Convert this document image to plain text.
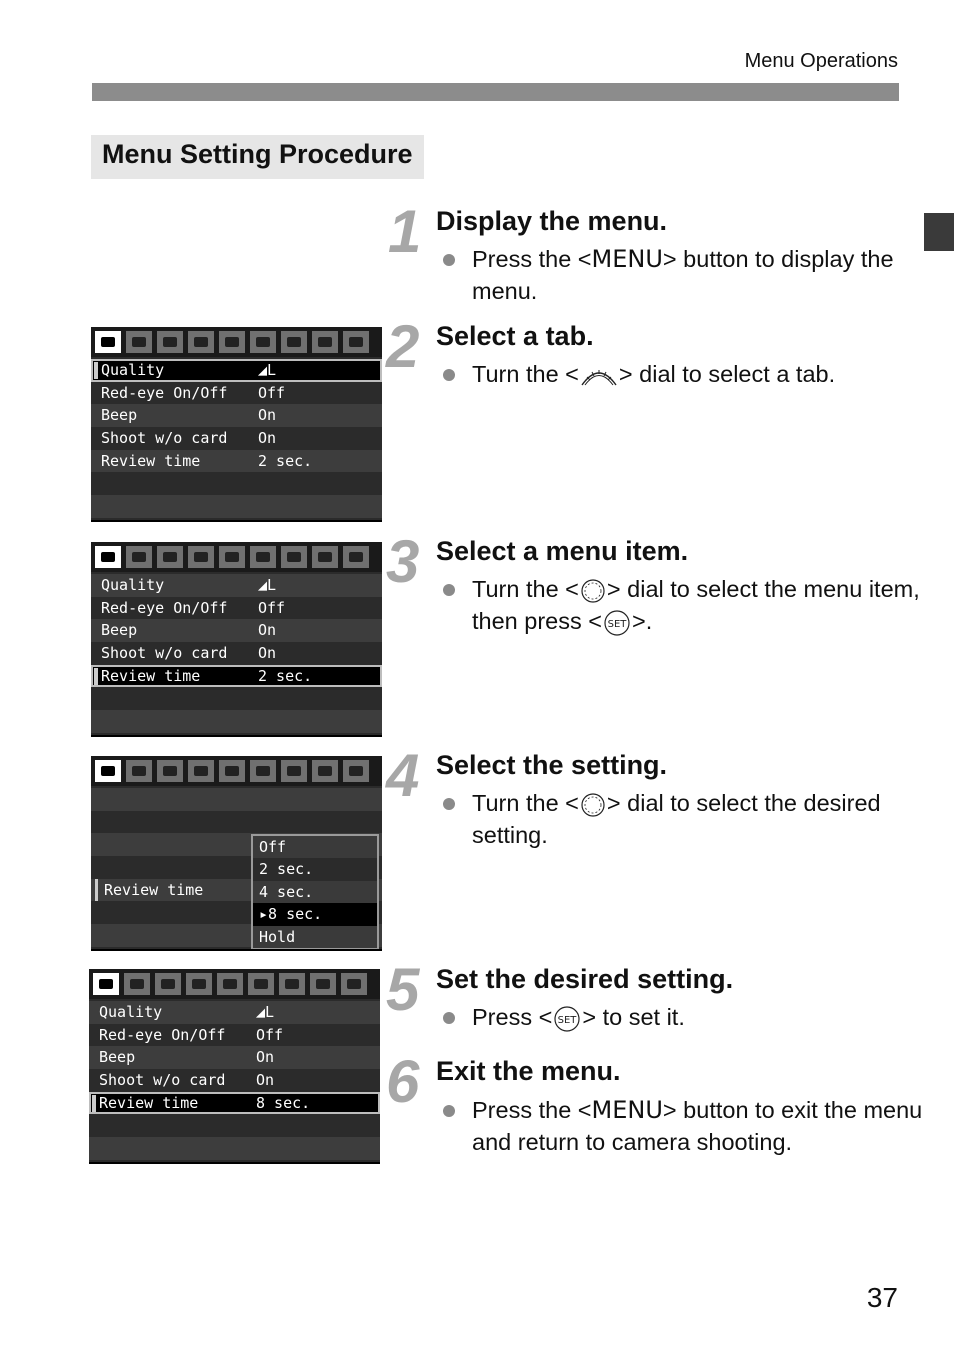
Menu Operations
Menu Setting Procedure
1 Display the menu.
Press the <MENU> button to display the menu.
Quality	◢L
Red-eye On/Off Off
Beep	On
Shoot w/o card On
Review time	2 sec.
2 Select a tab.
Turn the < > dial to select a tab.
Quality	◢L
Red-eye On/Off Off
Beep	On
Shoot w/o card On
Review time	2 sec.
3 Select a menu item.
Turn the < > dial to select the menu item, then press < SET >.
Review time
Off
2 sec.
4 sec.
▸8 sec.
Hold
4 Select the setting.
Turn the < > dial to select the desired setting.
Quality	◢L
Red-eye On/Off Off
Beep	On
Shoot w/o card On
Review time	8 sec.
5 Set the desired setting.
Press < SET > to set it.
6 Exit the menu.
Press the <MENU> button to exit the menu and return to camera shooting.
37
